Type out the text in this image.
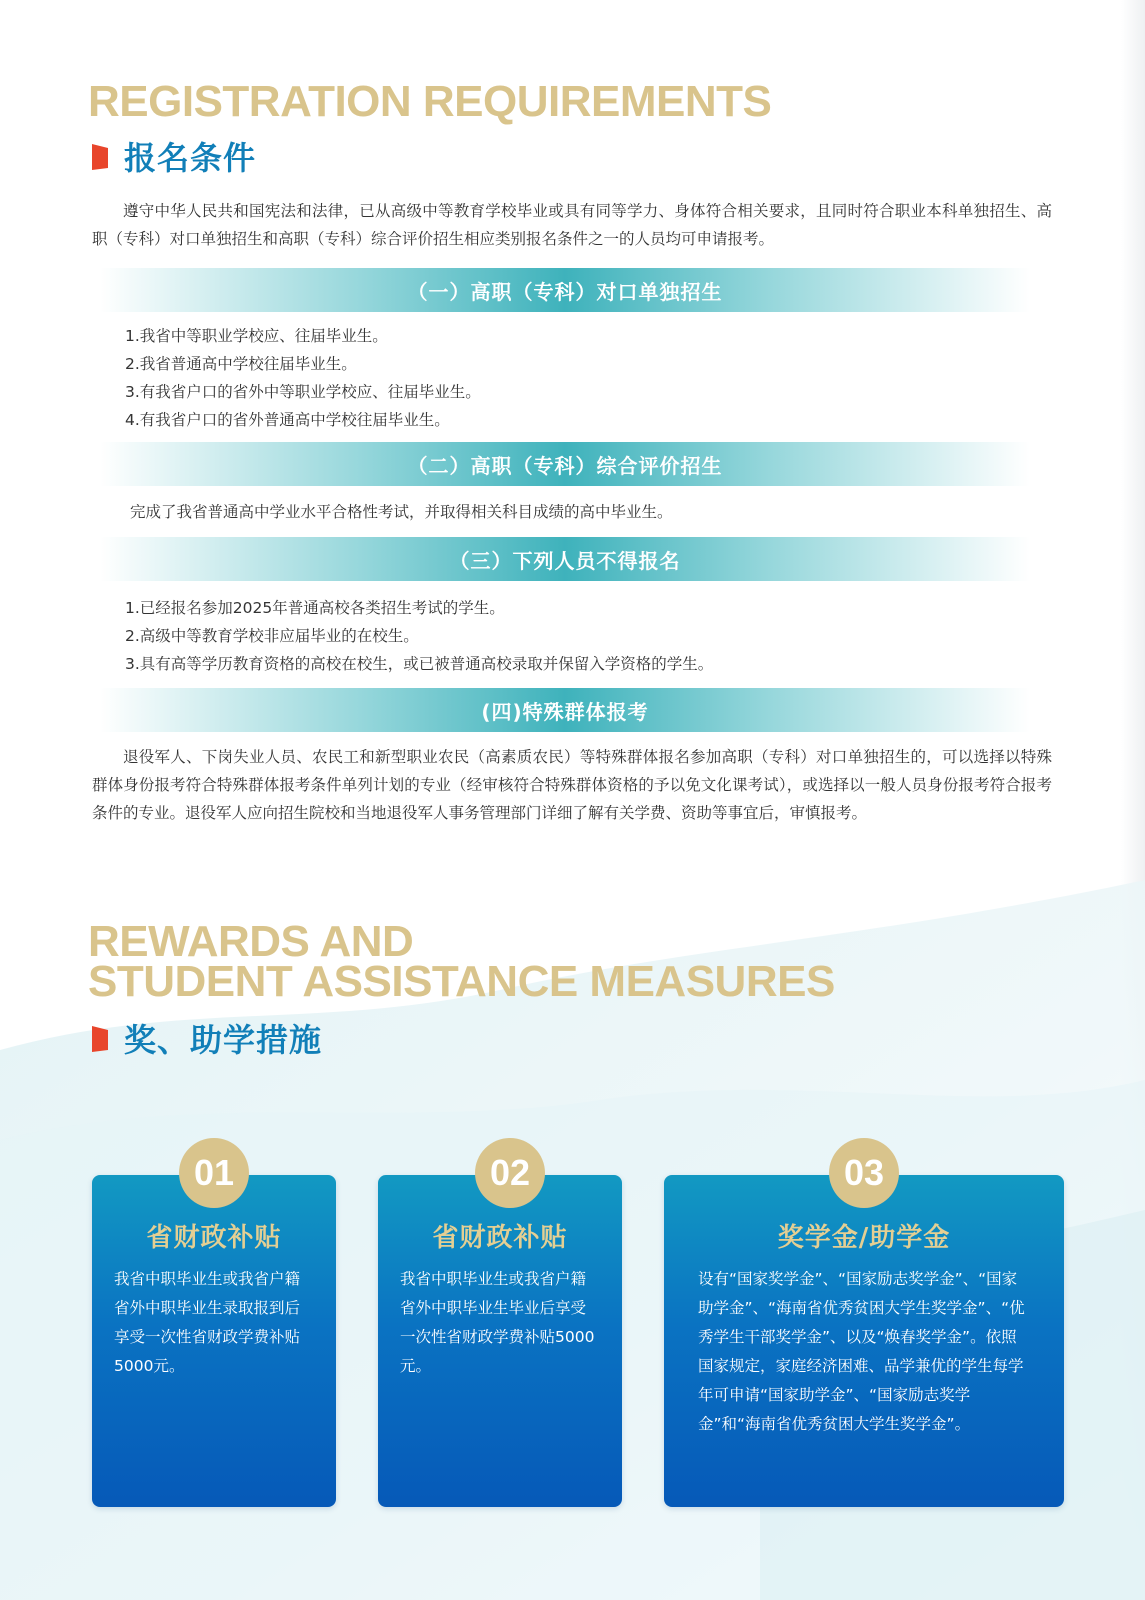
REGISTRATION REQUIREMENTS
报名条件

遵守中华人民共和国宪法和法律，已从高级中等教育学校毕业或具有同等学力、身体符合相关要求，且同时符合职业本科单独招生、高职（专科）对口单独招生和高职（专科）综合评价招生相应类别报名条件之一的人员均可申请报考。

（一）高职（专科）对口单独招生
1.我省中等职业学校应、往届毕业生。
2.我省普通高中学校往届毕业生。
3.有我省户口的省外中等职业学校应、往届毕业生。
4.有我省户口的省外普通高中学校往届毕业生。
（二）高职（专科）综合评价招生

完成了我省普通高中学业水平合格性考试，并取得相关科目成绩的高中毕业生。

（三）下列人员不得报名
1.已经报名参加2025年普通高校各类招生考试的学生。
2.高级中等教育学校非应届毕业的在校生。
3.具有高等学历教育资格的高校在校生，或已被普通高校录取并保留入学资格的学生。
(四)特殊群体报考

退役军人、下岗失业人员、农民工和新型职业农民（高素质农民）等特殊群体报名参加高职（专科）对口单独招生的，可以选择以特殊群体身份报考符合特殊群体报考条件单列计划的专业（经审核符合特殊群体资格的予以免文化课考试），或选择以一般人员身份报考符合报考条件的专业。退役军人应向招生院校和当地退役军人事务管理部门详细了解有关学费、资助等事宜后，审慎报考。

REWARDS AND
STUDENT ASSISTANCE MEASURES
奖、助学措施
省财政补贴

我省中职毕业生或我省户籍省外中职毕业生录取报到后享受一次性省财政学费补贴5000元。

01
省财政补贴

我省中职毕业生或我省户籍省外中职毕业生毕业后享受一次性省财政学费补贴5000元。

02
奖学金/助学金

设有“国家奖学金”、“国家励志奖学金”、“国家助学金”、“海南省优秀贫困大学生奖学金”、“优秀学生干部奖学金”、以及“焕春奖学金”。依照国家规定，家庭经济困难、品学兼优的学生每学年可申请“国家助学金”、“国家励志奖学金”和“海南省优秀贫困大学生奖学金”。

03
